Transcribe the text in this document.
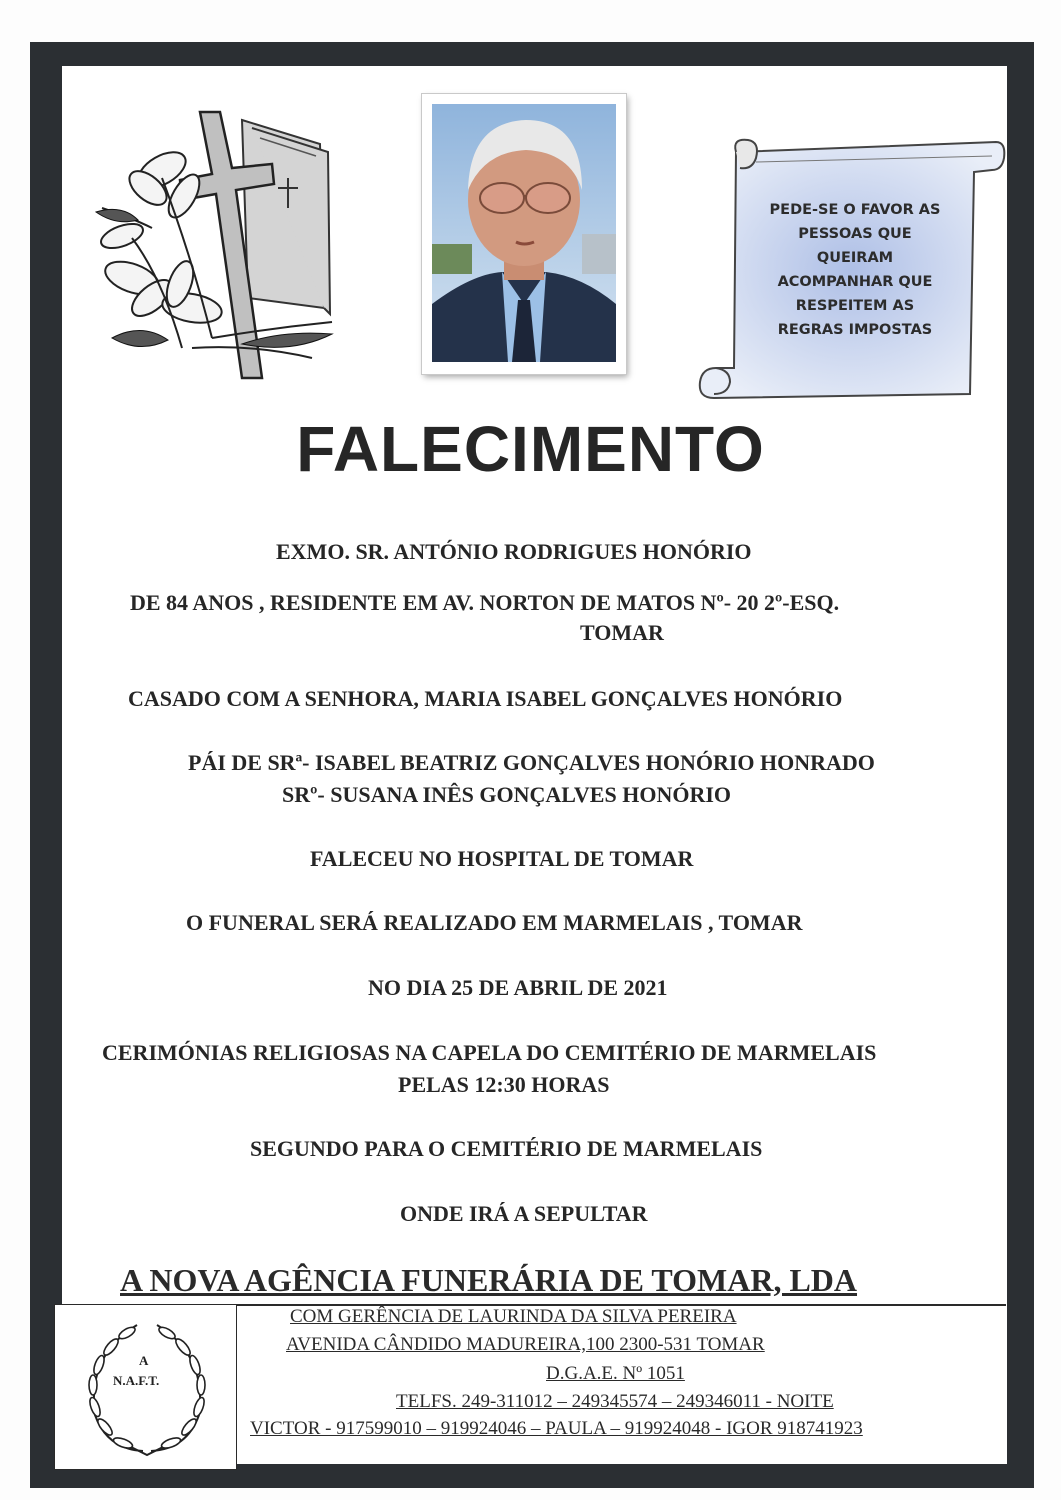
PEDE-SE O FAVOR AS
PESSOAS QUE
QUEIRAM
ACOMPANHAR QUE
RESPEITEM AS
REGRAS IMPOSTAS
FALECIMENTO
EXMO. SR. ANTÓNIO RODRIGUES HONÓRIO
DE 84 ANOS , RESIDENTE EM AV. NORTON DE MATOS Nº- 20 2º-ESQ.
TOMAR
CASADO COM A SENHORA, MARIA ISABEL GONÇALVES HONÓRIO
PÁI DE SRª- ISABEL BEATRIZ GONÇALVES HONÓRIO HONRADO
SRº- SUSANA INÊS GONÇALVES HONÓRIO
FALECEU NO HOSPITAL DE TOMAR
O FUNERAL SERÁ REALIZADO EM MARMELAIS , TOMAR
NO DIA 25 DE ABRIL DE 2021
CERIMÓNIAS RELIGIOSAS NA CAPELA DO CEMITÉRIO DE MARMELAIS
PELAS 12:30 HORAS
SEGUNDO PARA O CEMITÉRIO DE MARMELAIS
ONDE IRÁ A SEPULTAR
A NOVA AGÊNCIA FUNERÁRIA DE TOMAR, LDA
A
N.A.F.T.
COM GERÊNCIA DE LAURINDA DA SILVA PEREIRA
AVENIDA CÂNDIDO MADUREIRA,100 2300-531 TOMAR
D.G.A.E. Nº 1051
TELFS. 249-311012 – 249345574 – 249346011 - NOITE
VICTOR - 917599010 – 919924046 – PAULA – 919924048 - IGOR 918741923
